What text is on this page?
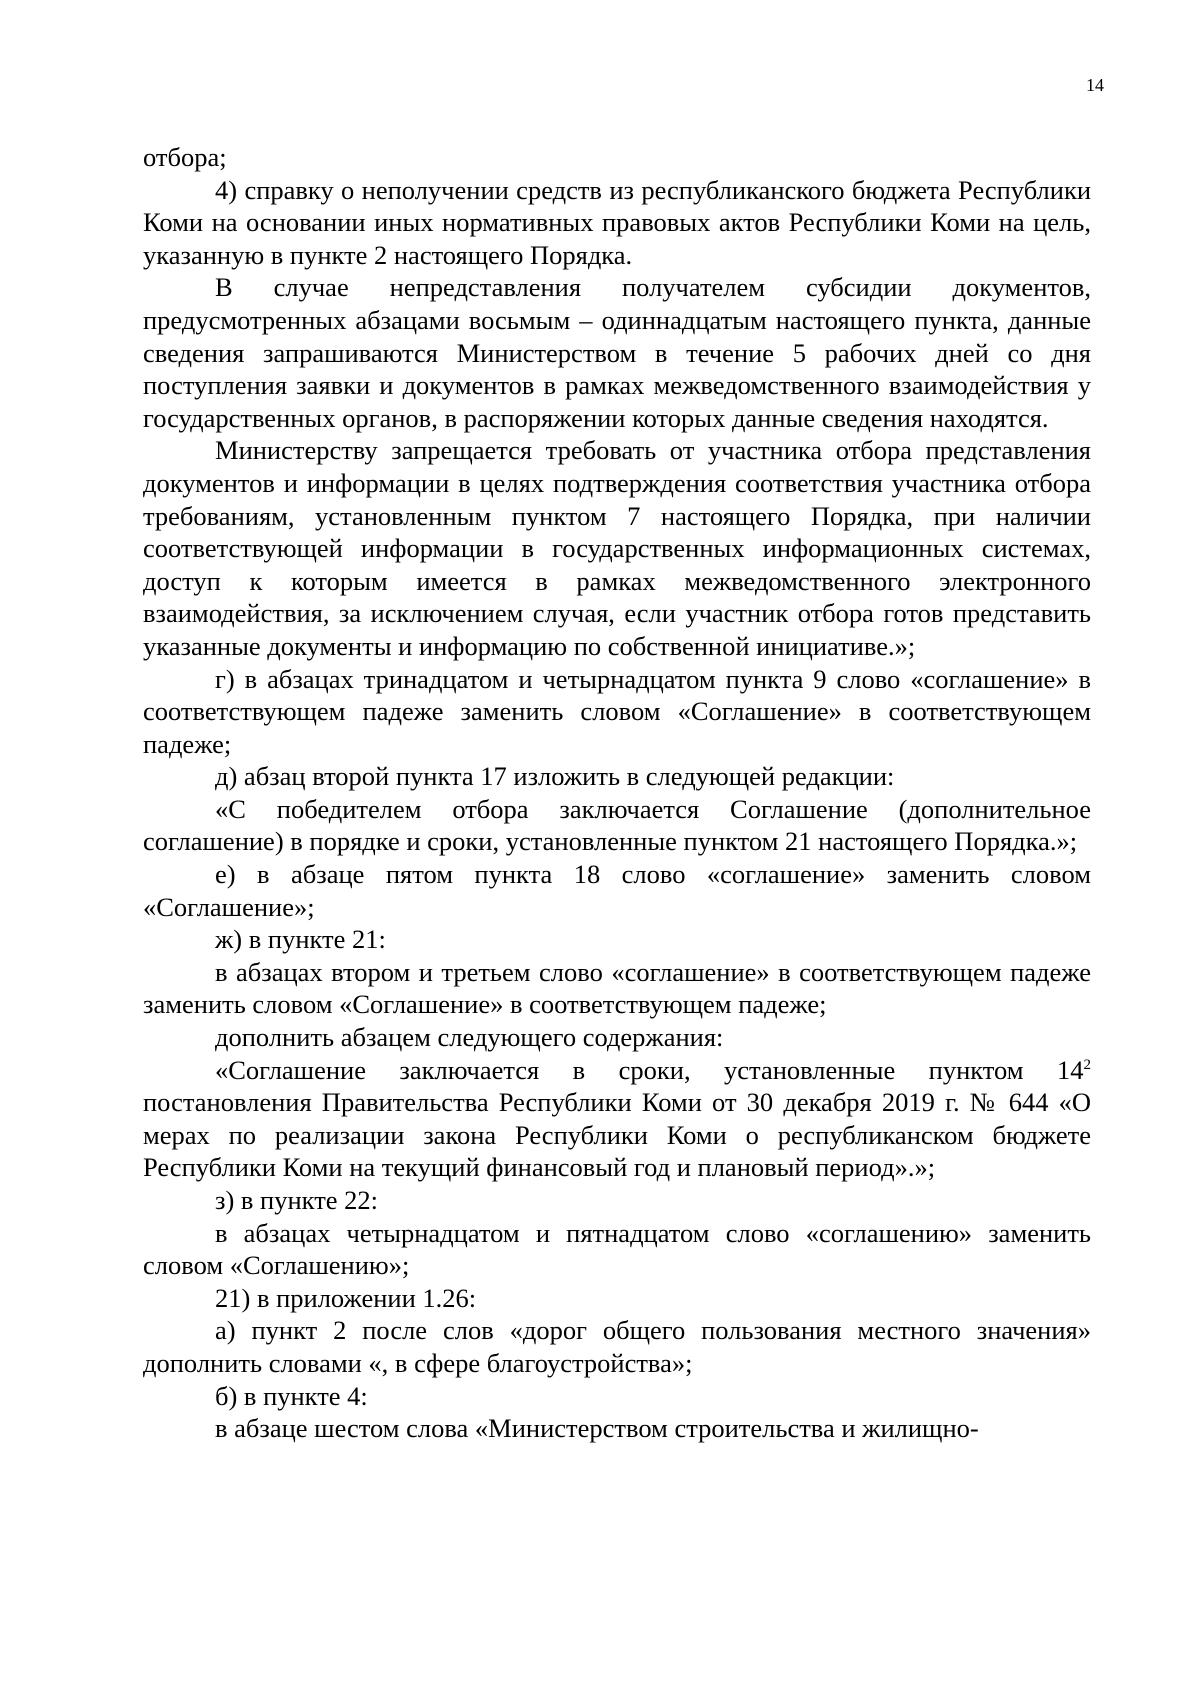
14

отбора;

4) справку о неполучении средств из республиканского бюджета Республики Коми на основании иных нормативных правовых актов Республики Коми на цель, указанную в пункте 2 настоящего Порядка.

В случае непредставления получателем субсидии документов, предусмотренных абзацами восьмым – одиннадцатым настоящего пункта, данные сведения запрашиваются Министерством в течение 5 рабочих дней со дня поступления заявки и документов в рамках межведомственного взаимодействия у государственных органов, в распоряжении которых данные сведения находятся.

Министерству запрещается требовать от участника отбора представления документов и информации в целях подтверждения соответствия участника отбора требованиям, установленным пунктом 7 настоящего Порядка, при наличии соответствующей информации в государственных информационных системах, доступ к которым имеется в рамках межведомственного электронного взаимодействия, за исключением случая, если участник отбора готов представить указанные документы и информацию по собственной инициативе.»;

г) в абзацах тринадцатом и четырнадцатом пункта 9 слово «соглашение» в соответствующем падеже заменить словом «Соглашение» в соответствующем падеже;

д) абзац второй пункта 17 изложить в следующей редакции:

«С победителем отбора заключается Соглашение (дополнительное соглашение) в порядке и сроки, установленные пунктом 21 настоящего Порядка.»;

е) в абзаце пятом пункта 18 слово «соглашение» заменить словом «Соглашение»;

ж) в пункте 21:

в абзацах втором и третьем слово «соглашение» в соответствующем падеже заменить словом «Соглашение» в соответствующем падеже;

дополнить абзацем следующего содержания:

«Соглашение заключается в сроки, установленные пунктом $14^2$ постановления Правительства Республики Коми от 30 декабря 2019 г. № 644 «О мерах по реализации закона Республики Коми о республиканском бюджете Республики Коми на текущий финансовый год и плановый период».»;

з) в пункте 22:

в абзацах четырнадцатом и пятнадцатом слово «соглашению» заменить словом «Соглашению»;

21) в приложении 1.26:

а) пункт 2 после слов «дорог общего пользования местного значения» дополнить словами «, в сфере благоустройства»;

б) в пункте 4:

в абзаце шестом слова «Министерством строительства и жилищно-
